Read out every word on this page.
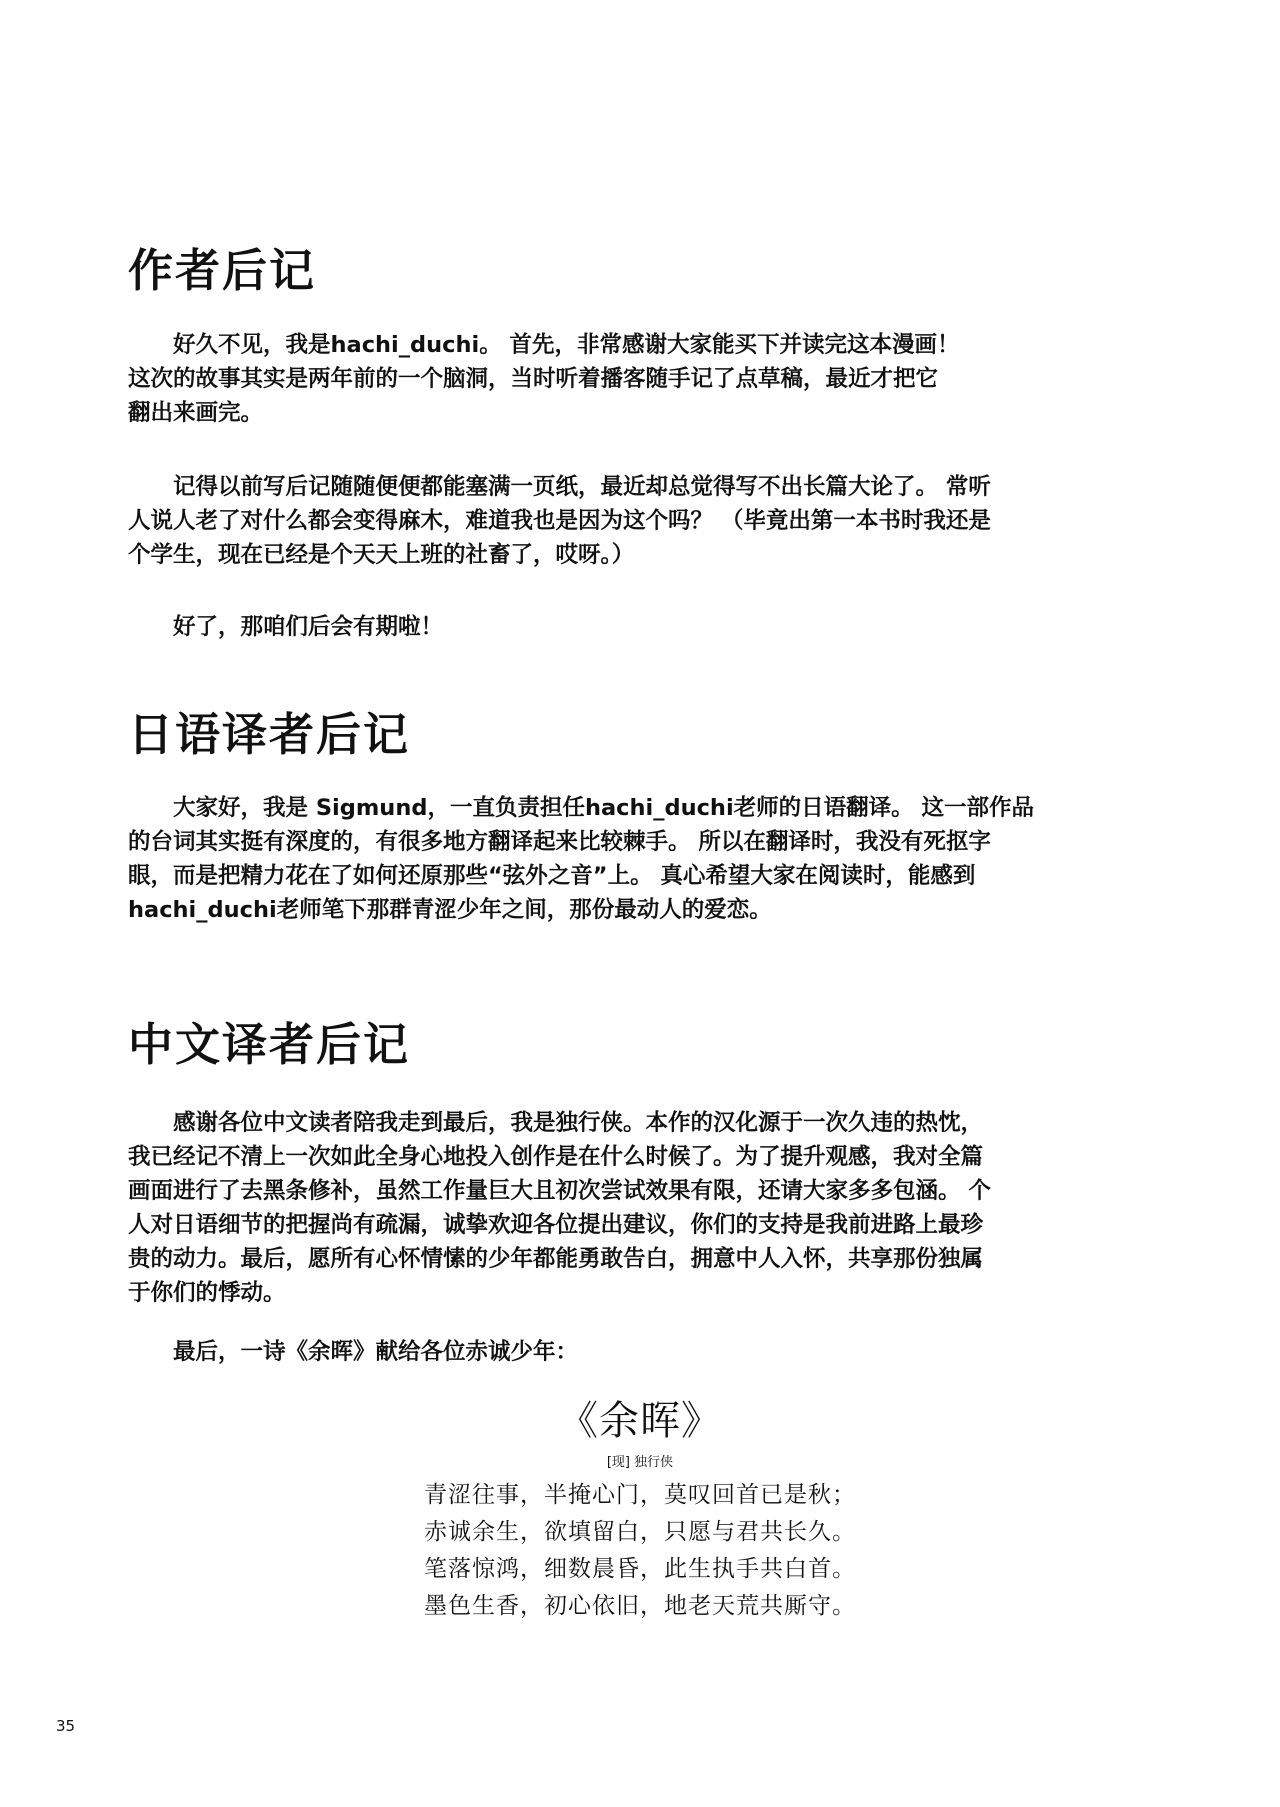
作者后记

　　好久不见，我是hachi_duchi。 首先，非常感谢大家能买下并读完这本漫画！
这次的故事其实是两年前的一个脑洞，当时听着播客随手记了点草稿，最近才把它
翻出来画完。

　　记得以前写后记随随便便都能塞满一页纸，最近却总觉得写不出长篇大论了。 常听
人说人老了对什么都会变得麻木，难道我也是因为这个吗？ （毕竟出第一本书时我还是
个学生，现在已经是个天天上班的社畜了，哎呀。）

　　好了，那咱们后会有期啦！

日语译者后记

　　大家好，我是 Sigmund，一直负责担任hachi_duchi老师的日语翻译。 这一部作品
的台词其实挺有深度的，有很多地方翻译起来比较棘手。 所以在翻译时，我没有死抠字
眼，而是把精力花在了如何还原那些“弦外之音”上。 真心希望大家在阅读时，能感到
hachi_duchi老师笔下那群青涩少年之间，那份最动人的爱恋。

中文译者后记

　　感谢各位中文读者陪我走到最后，我是独行侠。本作的汉化源于一次久违的热忱，
我已经记不清上一次如此全身心地投入创作是在什么时候了。为了提升观感，我对全篇
画面进行了去黑条修补，虽然工作量巨大且初次尝试效果有限，还请大家多多包涵。 个
人对日语细节的把握尚有疏漏，诚挚欢迎各位提出建议，你们的支持是我前进路上最珍
贵的动力。最后，愿所有心怀情愫的少年都能勇敢告白，拥意中人入怀，共享那份独属
于你们的悸动。

　　最后，一诗《余晖》献给各位赤诚少年：

《余晖》
[现] 独行侠
青涩往事，半掩心门，莫叹回首已是秋；
赤诚余生，欲填留白，只愿与君共长久。
笔落惊鸿，细数晨昏，此生执手共白首。
墨色生香，初心依旧，地老天荒共厮守。
35
